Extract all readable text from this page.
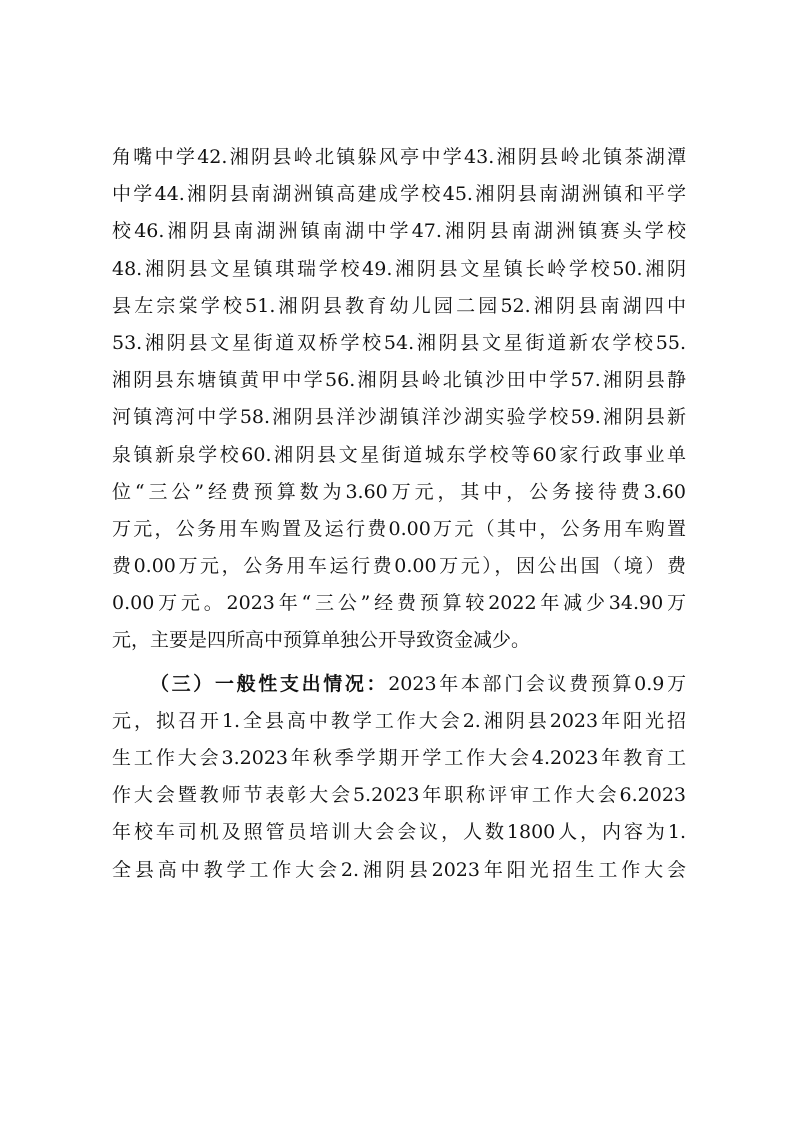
角嘴中学42.湘阴县岭北镇躲风亭中学43.湘阴县岭北镇茶湖潭
中学44.湘阴县南湖洲镇高建成学校45.湘阴县南湖洲镇和平学
校46.湘阴县南湖洲镇南湖中学47.湘阴县南湖洲镇赛头学校
48.湘阴县文星镇琪瑞学校49.湘阴县文星镇长岭学校50.湘阴
县左宗棠学校51.湘阴县教育幼儿园二园52.湘阴县南湖四中
53.湘阴县文星街道双桥学校54.湘阴县文星街道新农学校55.
湘阴县东塘镇黄甲中学56.湘阴县岭北镇沙田中学57.湘阴县静
河镇湾河中学58.湘阴县洋沙湖镇洋沙湖实验学校59.湘阴县新
泉镇新泉学校60.湘阴县文星街道城东学校等60家行政事业单
位“三公”经费预算数为3.60万元，其中，公务接待费3.60
万元，公务用车购置及运行费0.00万元（其中，公务用车购置
费0.00万元，公务用车运行费0.00万元），因公出国（境）费
0.00万元。2023年“三公”经费预算较2022年减少34.90万
元，主要是四所高中预算单独公开导致资金减少。
（三）一般性支出情况：2023年本部门会议费预算0.9万
元，拟召开1.全县高中教学工作大会2.湘阴县2023年阳光招
生工作大会3.2023年秋季学期开学工作大会4.2023年教育工
作大会暨教师节表彰大会5.2023年职称评审工作大会6.2023
年校车司机及照管员培训大会会议，人数1800人，内容为1.
全县高中教学工作大会2.湘阴县2023年阳光招生工作大会
